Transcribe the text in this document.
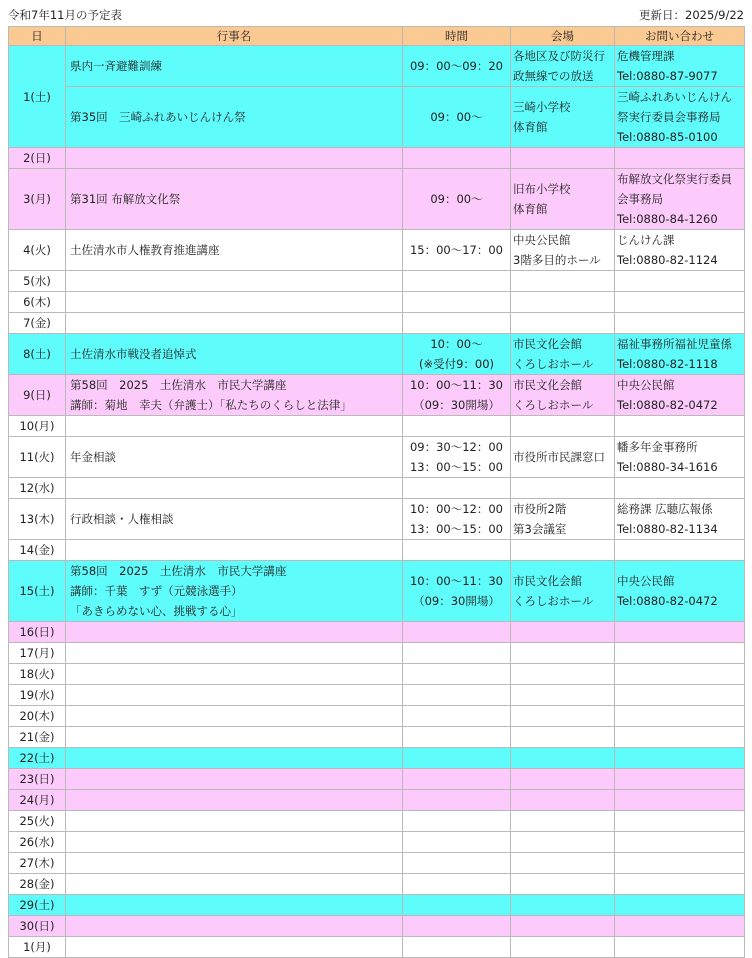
令和7年11月の予定表	更新日：2025/9/22
日	行事名	時間	会場	お問い合わせ
1(土)	県内一斉避難訓練	09：00～09：20	各地区及び防災行
政無線での放送	危機管理課
Tel:0880-87-9077

	第35回　三崎ふれあいじんけん祭	09：00～	三崎小学校
体育館	三崎ふれあいじんけん
祭実行委員会事務局
Tel:0880-85-0100

2(日)				
3(月)	第31回 布解放文化祭	09：00～	旧布小学校
体育館	布解放文化祭実行委員
会事務局
Tel:0880-84-1260

4(火)	土佐清水市人権教育推進講座	15：00～17：00	中央公民館
3階多目的ホール	じんけん課
Tel:0880-82-1124

5(水)				
6(木)				
7(金)				
8(土)	土佐清水市戦没者追悼式	10：00～
(※受付9：00)	市民文化会館
くろしおホール	福祉事務所福祉児童係
Tel:0880-82-1118

9(日)	第58回　2025　土佐清水　市民大学講座
講師：菊地　幸夫（弁護士）「私たちのくらしと法律」	10：00～11：30
（09：30開場）	市民文化会館
くろしおホール	中央公民館
Tel:0880-82-0472

10(月)				
11(火)	年金相談	09：30～12：00
13：00～15：00	市役所市民課窓口	幡多年金事務所
Tel:0880-34-1616

12(水)				
13(木)	行政相談・人権相談	10：00～12：00
13：00～15：00	市役所2階
第3会議室	総務課 広聴広報係
Tel:0880-82-1134

14(金)				
15(土)	第58回　2025　土佐清水　市民大学講座
講師：千葉　すず（元競泳選手）
「あきらめない心、挑戦する心」	10：00～11：30
（09：30開場）	市民文化会館
くろしおホール	中央公民館
Tel:0880-82-0472

16(日)				
17(月)				
18(火)				
19(水)				
20(木)				
21(金)				
22(土)				
23(日)				
24(月)				
25(火)				
26(水)				
27(木)				
28(金)				
29(土)				
30(日)				
1(月)				
